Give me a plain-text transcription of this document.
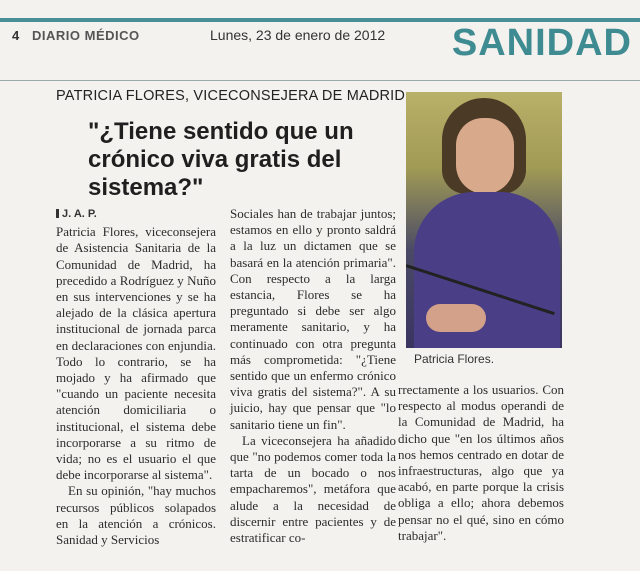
4 DIARIO MÉDICO	Lunes, 23 de enero de 2012 SANIDAD
PATRICIA FLORES, VICECONSEJERA DE MADRID
"¿Tiene sentido que un crónico viva gratis del sistema?"
Patricia Flores.
J. A. P.

Patricia Flores, viceconsejera de Asistencia Sanitaria de la Comunidad de Madrid, ha precedido a Rodríguez y Nuño en sus intervenciones y se ha alejado de la clásica apertura institucional de jornada parca en declaraciones con enjundia. Todo lo contrario, se ha mojado y ha afirmado que "cuando un paciente necesita atención domiciliaria o institucional, el sistema debe incorporarse a su ritmo de vida; no es el usuario el que debe incorporarse al sistema".

En su opinión, "hay muchos recursos públicos solapados en la atención a crónicos. Sanidad y Servicios

Sociales han de trabajar juntos; estamos en ello y pronto saldrá a la luz un dictamen que se basará en la atención primaria". Con respecto a la larga estancia, Flores se ha preguntado si debe ser algo meramente sanitario, y ha continuado con otra pregunta más comprometida: "¿Tiene sentido que un enfermo crónico viva gratis del sistema?". A su juicio, hay que pensar que "lo sanitario tiene un fin".

La viceconsejera ha añadido que "no podemos comer toda la tarta de un bocado o nos empacharemos", metáfora que alude a la necesidad de discernir entre pacientes y de estratificar co-

rrectamente a los usuarios. Con respecto al modus operandi de la Comunidad de Madrid, ha dicho que "en los últimos años nos hemos centrado en dotar de infraestructuras, algo que ya acabó, en parte porque la crisis obliga a ello; ahora debemos pensar no el qué, sino en cómo trabajar".
